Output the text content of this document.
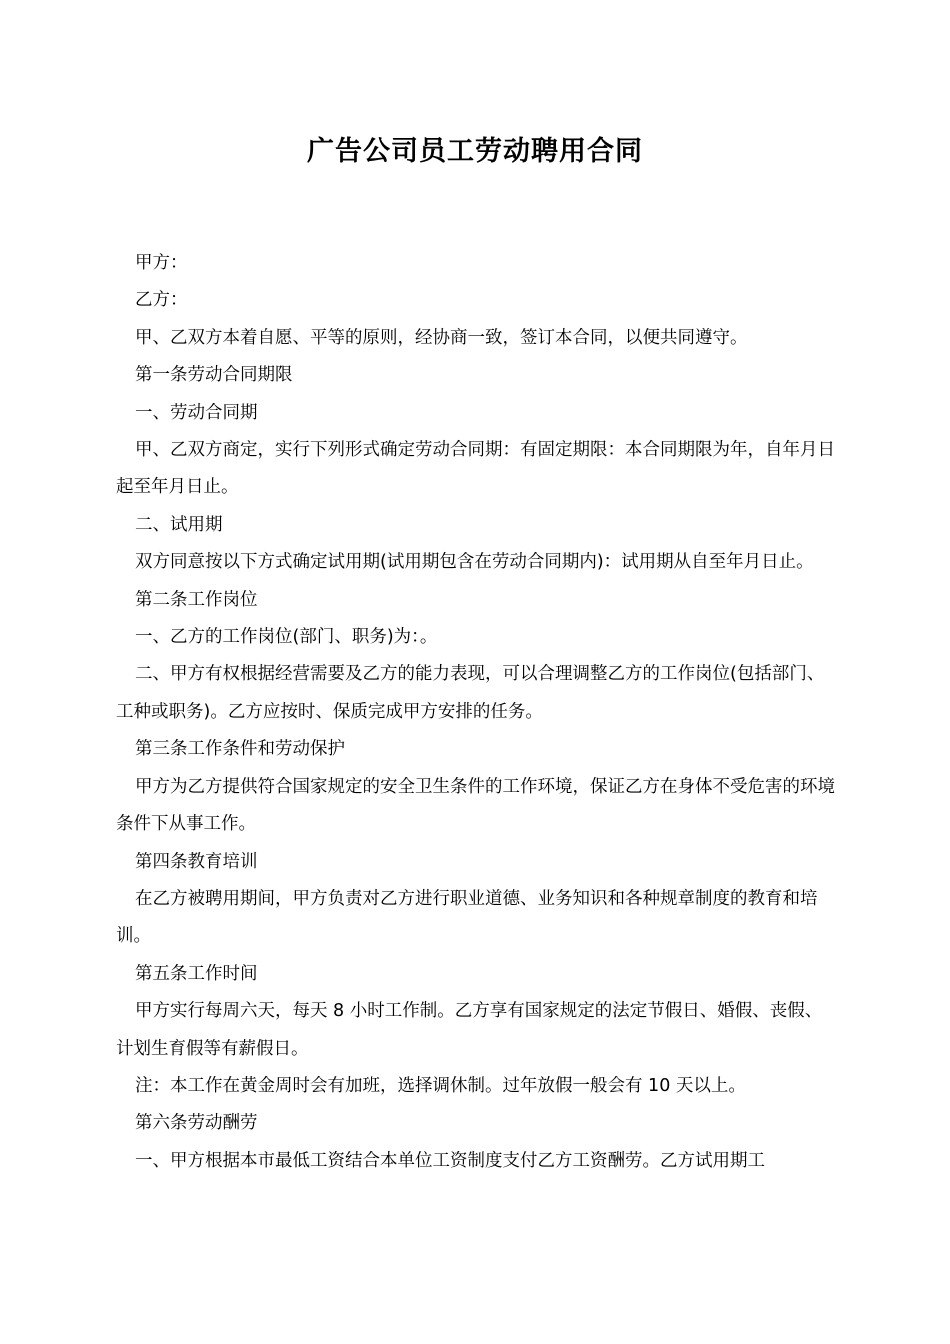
广告公司员工劳动聘用合同

甲方：

乙方：

甲、乙双方本着自愿、平等的原则，经协商一致，签订本合同，以便共同遵守。

第一条劳动合同期限

一、劳动合同期

甲、乙双方商定，实行下列形式确定劳动合同期：有固定期限：本合同期限为年，自年月日起至年月日止。

二、试用期

双方同意按以下方式确定试用期(试用期包含在劳动合同期内)：试用期从自至年月日止。

第二条工作岗位

一、乙方的工作岗位(部门、职务)为：。

二、甲方有权根据经营需要及乙方的能力表现，可以合理调整乙方的工作岗位(包括部门、工种或职务)。乙方应按时、保质完成甲方安排的任务。

第三条工作条件和劳动保护

甲方为乙方提供符合国家规定的安全卫生条件的工作环境，保证乙方在身体不受危害的环境条件下从事工作。

第四条教育培训

在乙方被聘用期间，甲方负责对乙方进行职业道德、业务知识和各种规章制度的教育和培训。

第五条工作时间

甲方实行每周六天，每天 8 小时工作制。乙方享有国家规定的法定节假日、婚假、丧假、计划生育假等有薪假日。

注：本工作在黄金周时会有加班，选择调休制。过年放假一般会有 10 天以上。

第六条劳动酬劳

一、甲方根据本市最低工资结合本单位工资制度支付乙方工资酬劳。乙方试用期工
